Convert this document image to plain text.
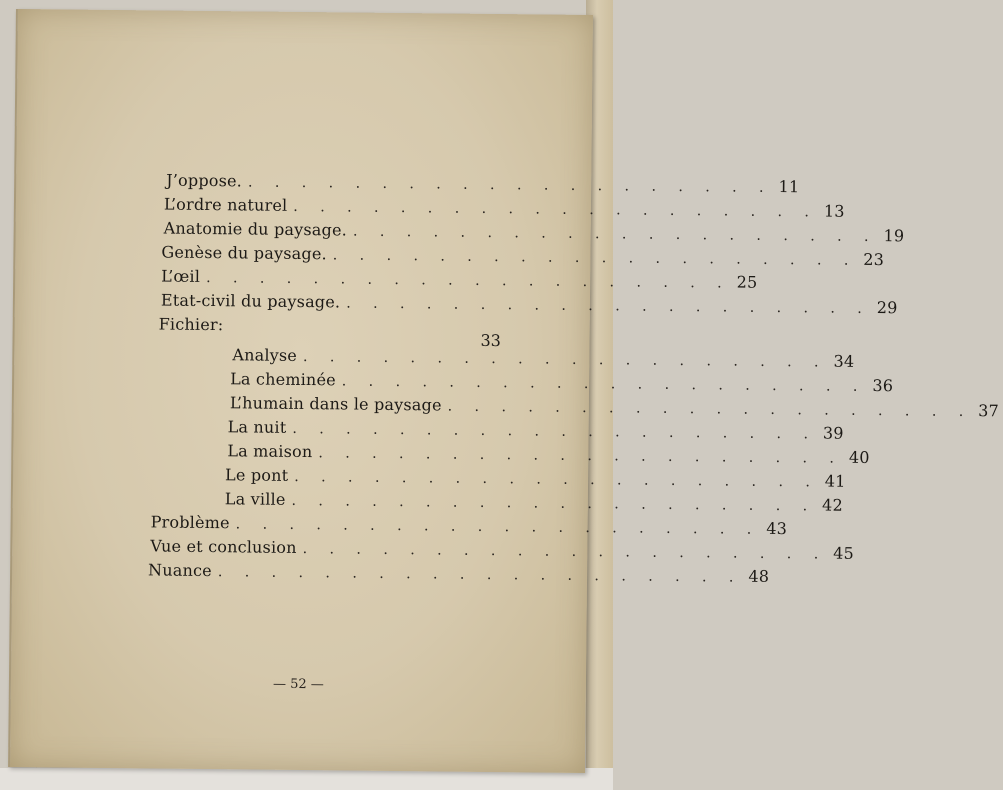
J’oppose. . . . . . . . . . . . . . . . . . . . . 11
L’ordre naturel . . . . . . . . . . . . . . . . . . . . 13
Anatomie du paysage. . . . . . . . . . . . . . . . . . . . . 19
Genèse du paysage. . . . . . . . . . . . . . . . . . . . . 23
L’œil . . . . . . . . . . . . . . . . . . . . 25
Etat-civil du paysage. . . . . . . . . . . . . . . . . . . . . 29
Fichier:
33
Analyse . . . . . . . . . . . . . . . . . . . . 34
La cheminée . . . . . . . . . . . . . . . . . . . . 36
L’humain dans le paysage . . . . . . . . . . . . . . . . . . . . 37
La nuit . . . . . . . . . . . . . . . . . . . . 39
La maison . . . . . . . . . . . . . . . . . . . . 40
Le pont . . . . . . . . . . . . . . . . . . . . 41
La ville . . . . . . . . . . . . . . . . . . . . 42
Problème . . . . . . . . . . . . . . . . . . . . 43
Vue et conclusion . . . . . . . . . . . . . . . . . . . . 45
Nuance . . . . . . . . . . . . . . . . . . . . 48
— 52 —
